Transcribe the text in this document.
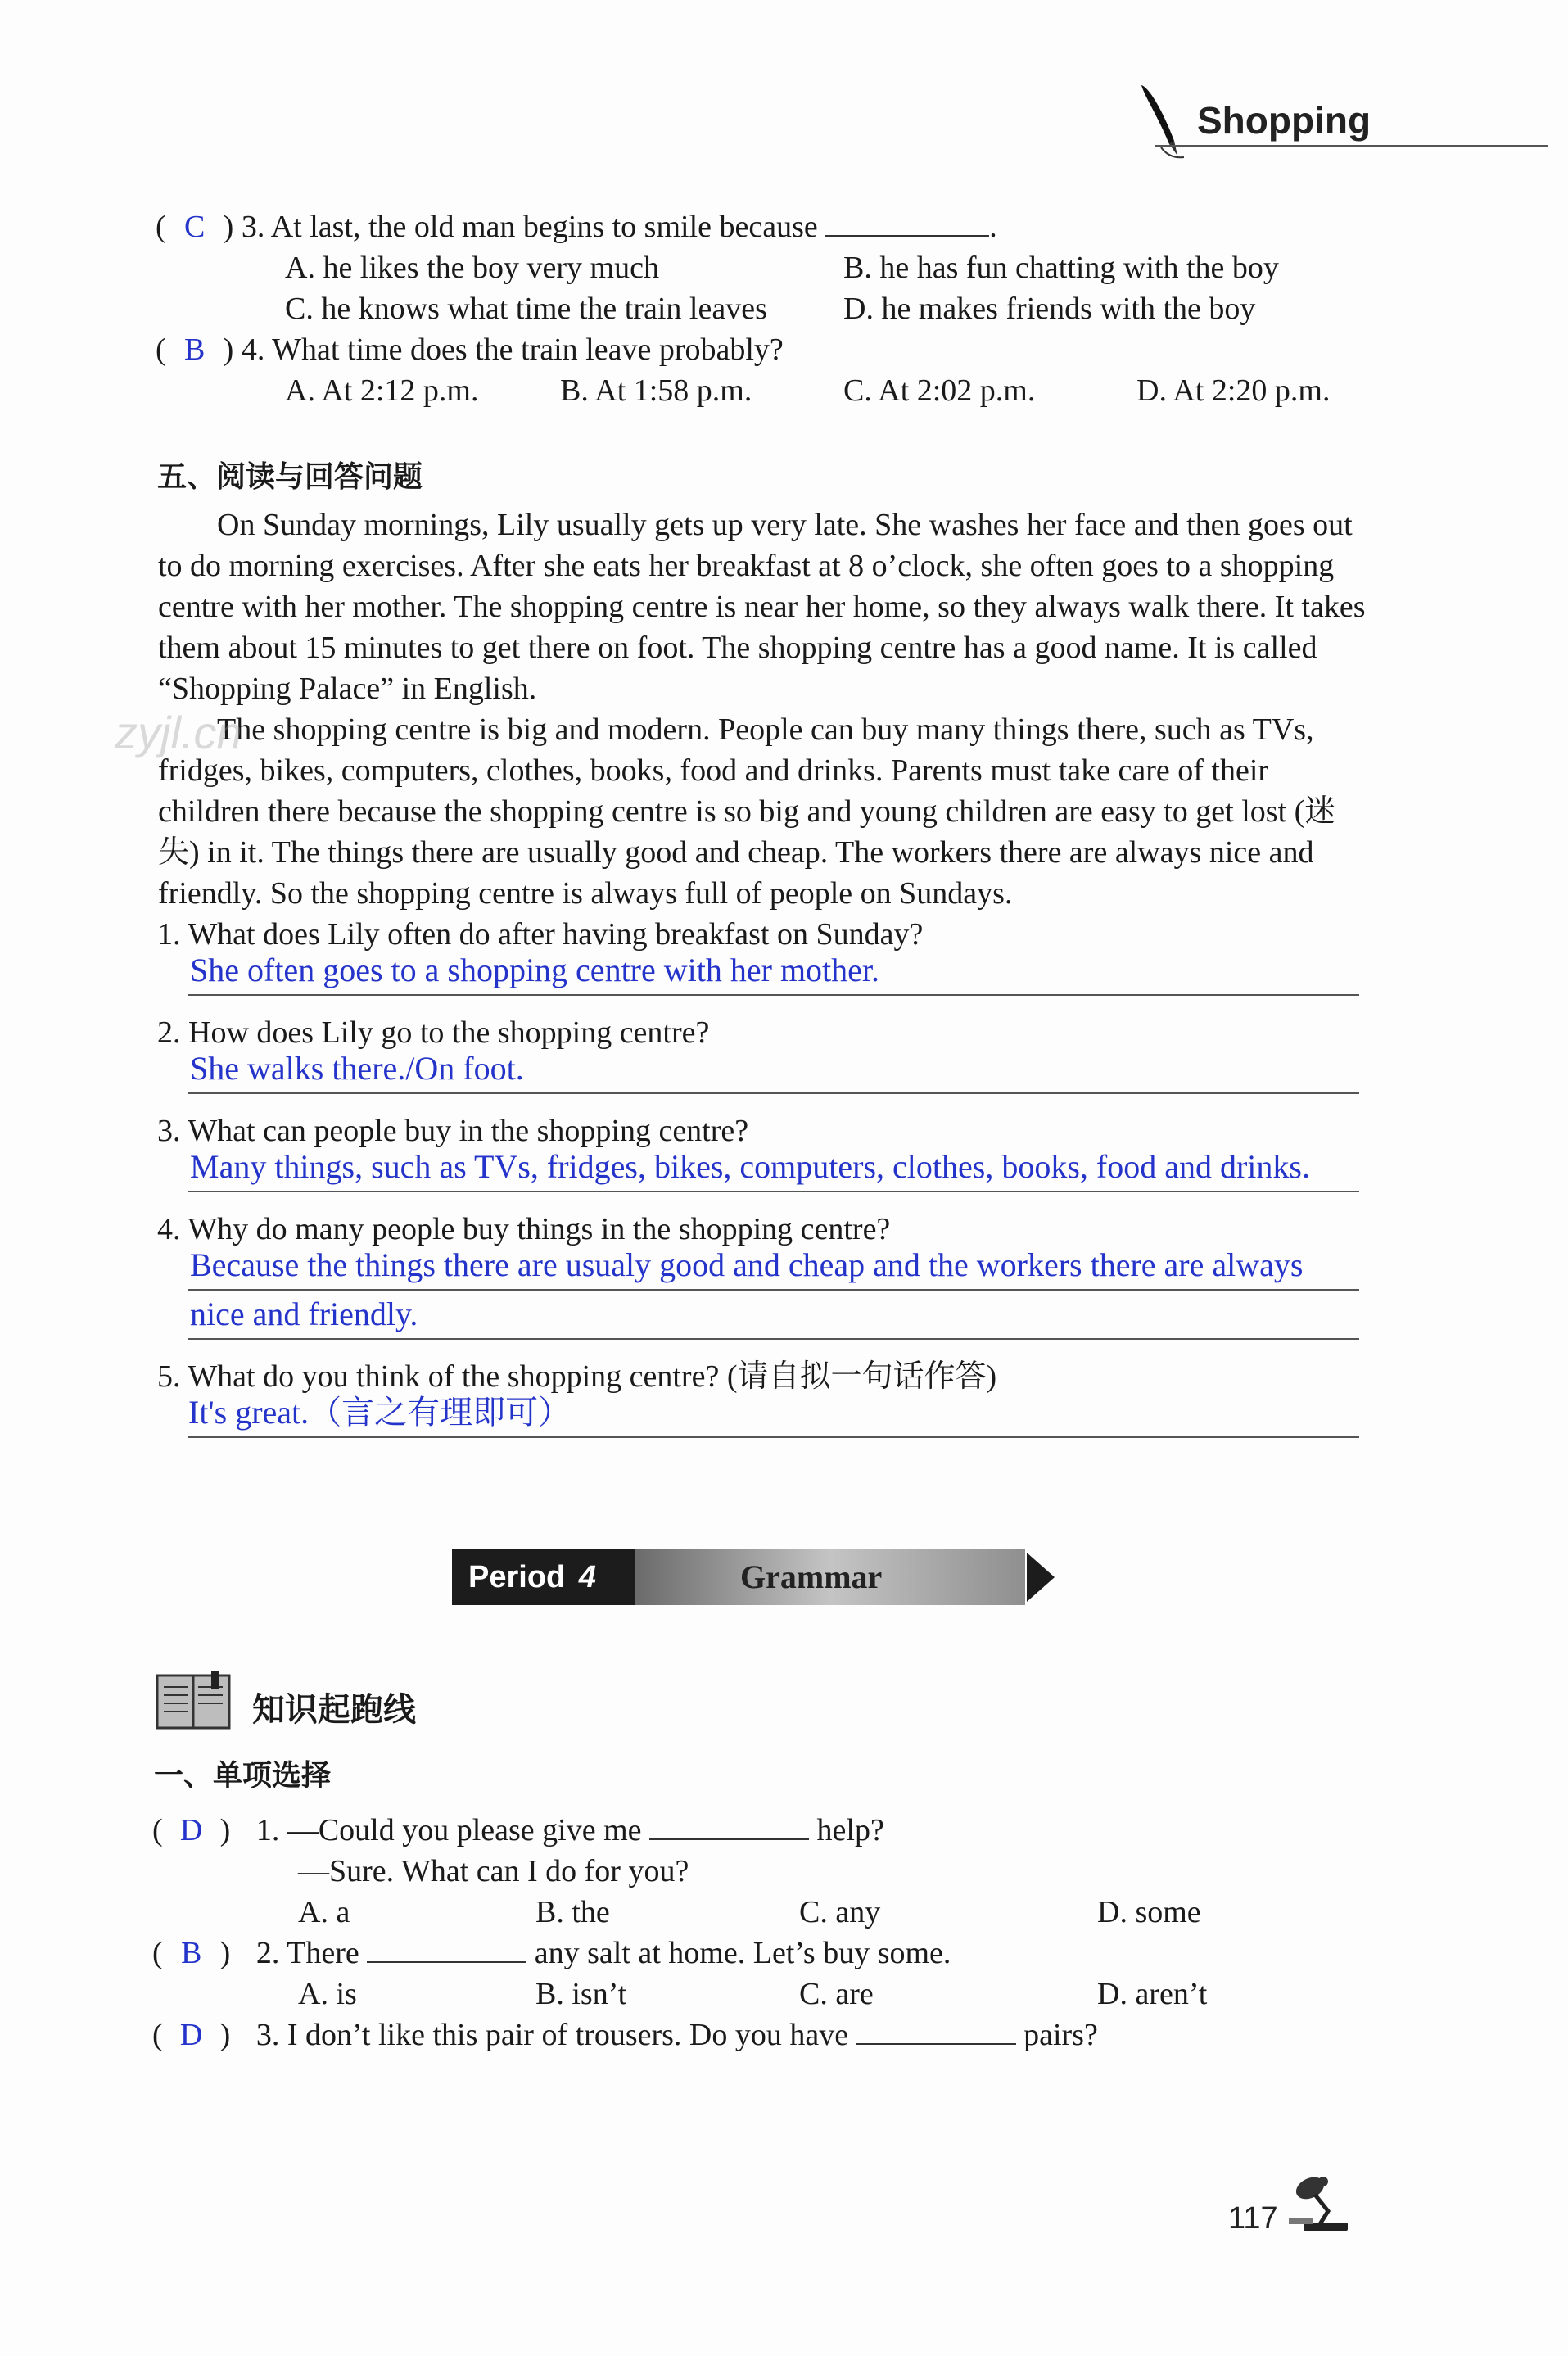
Shopping
( C ) 3. At last, the old man begins to smile because	.
A. he likes the boy very much	B. he has fun chatting with the boy
C. he knows what time the train leaves D. he makes friends with the boy
( B ) 4. What time does the train leave probably?
A. At 2:12 p.m.	B. At 1:58 p.m.	C. At 2:02 p.m.	D. At 2:20 p.m.
五、阅读与回答问题

On Sunday mornings, Lily usually gets up very late. She washes her face and then goes out to do morning exercises. After she eats her breakfast at 8 o’clock, she often goes to a shopping centre with her mother. The shopping centre is near her home, so they always walk there. It takes them about 15 minutes to get there on foot. The shopping centre has a good name. It is called “Shopping Palace” in English.

The shopping centre is big and modern. People can buy many things there, such as TVs, fridges, bikes, computers, clothes, books, food and drinks. Parents must take care of their children there because the shopping centre is so big and young children are easy to get lost (迷失) in it. The things there are usually good and cheap. The workers there are always nice and friendly. So the shopping centre is always full of people on Sundays.

zyjl.cn
1. What does Lily often do after having breakfast on Sunday?
She often goes to a shopping centre with her mother.
2. How does Lily go to the shopping centre?
She walks there./On foot.
3. What can people buy in the shopping centre?
Many things, such as TVs, fridges, bikes, computers, clothes, books, food and drinks.
4. Why do many people buy things in the shopping centre?
Because the things there are usualy good and cheap and the workers there are always
nice and friendly.
5. What do you think of the shopping centre? (请自拟一句话作答)
It's great.（言之有理即可）
Period 4	Grammar
知识起跑线
一、单项选择
( D ) 1. —Could you please give me	help?
—Sure. What can I do for you?
A. a	B. the	C. any	D. some
( B ) 2. There	any salt at home. Let’s buy some.
A. is	B. isn’t	C. are	D. aren’t
( D ) 3. I don’t like this pair of trousers. Do you have	pairs?
117
